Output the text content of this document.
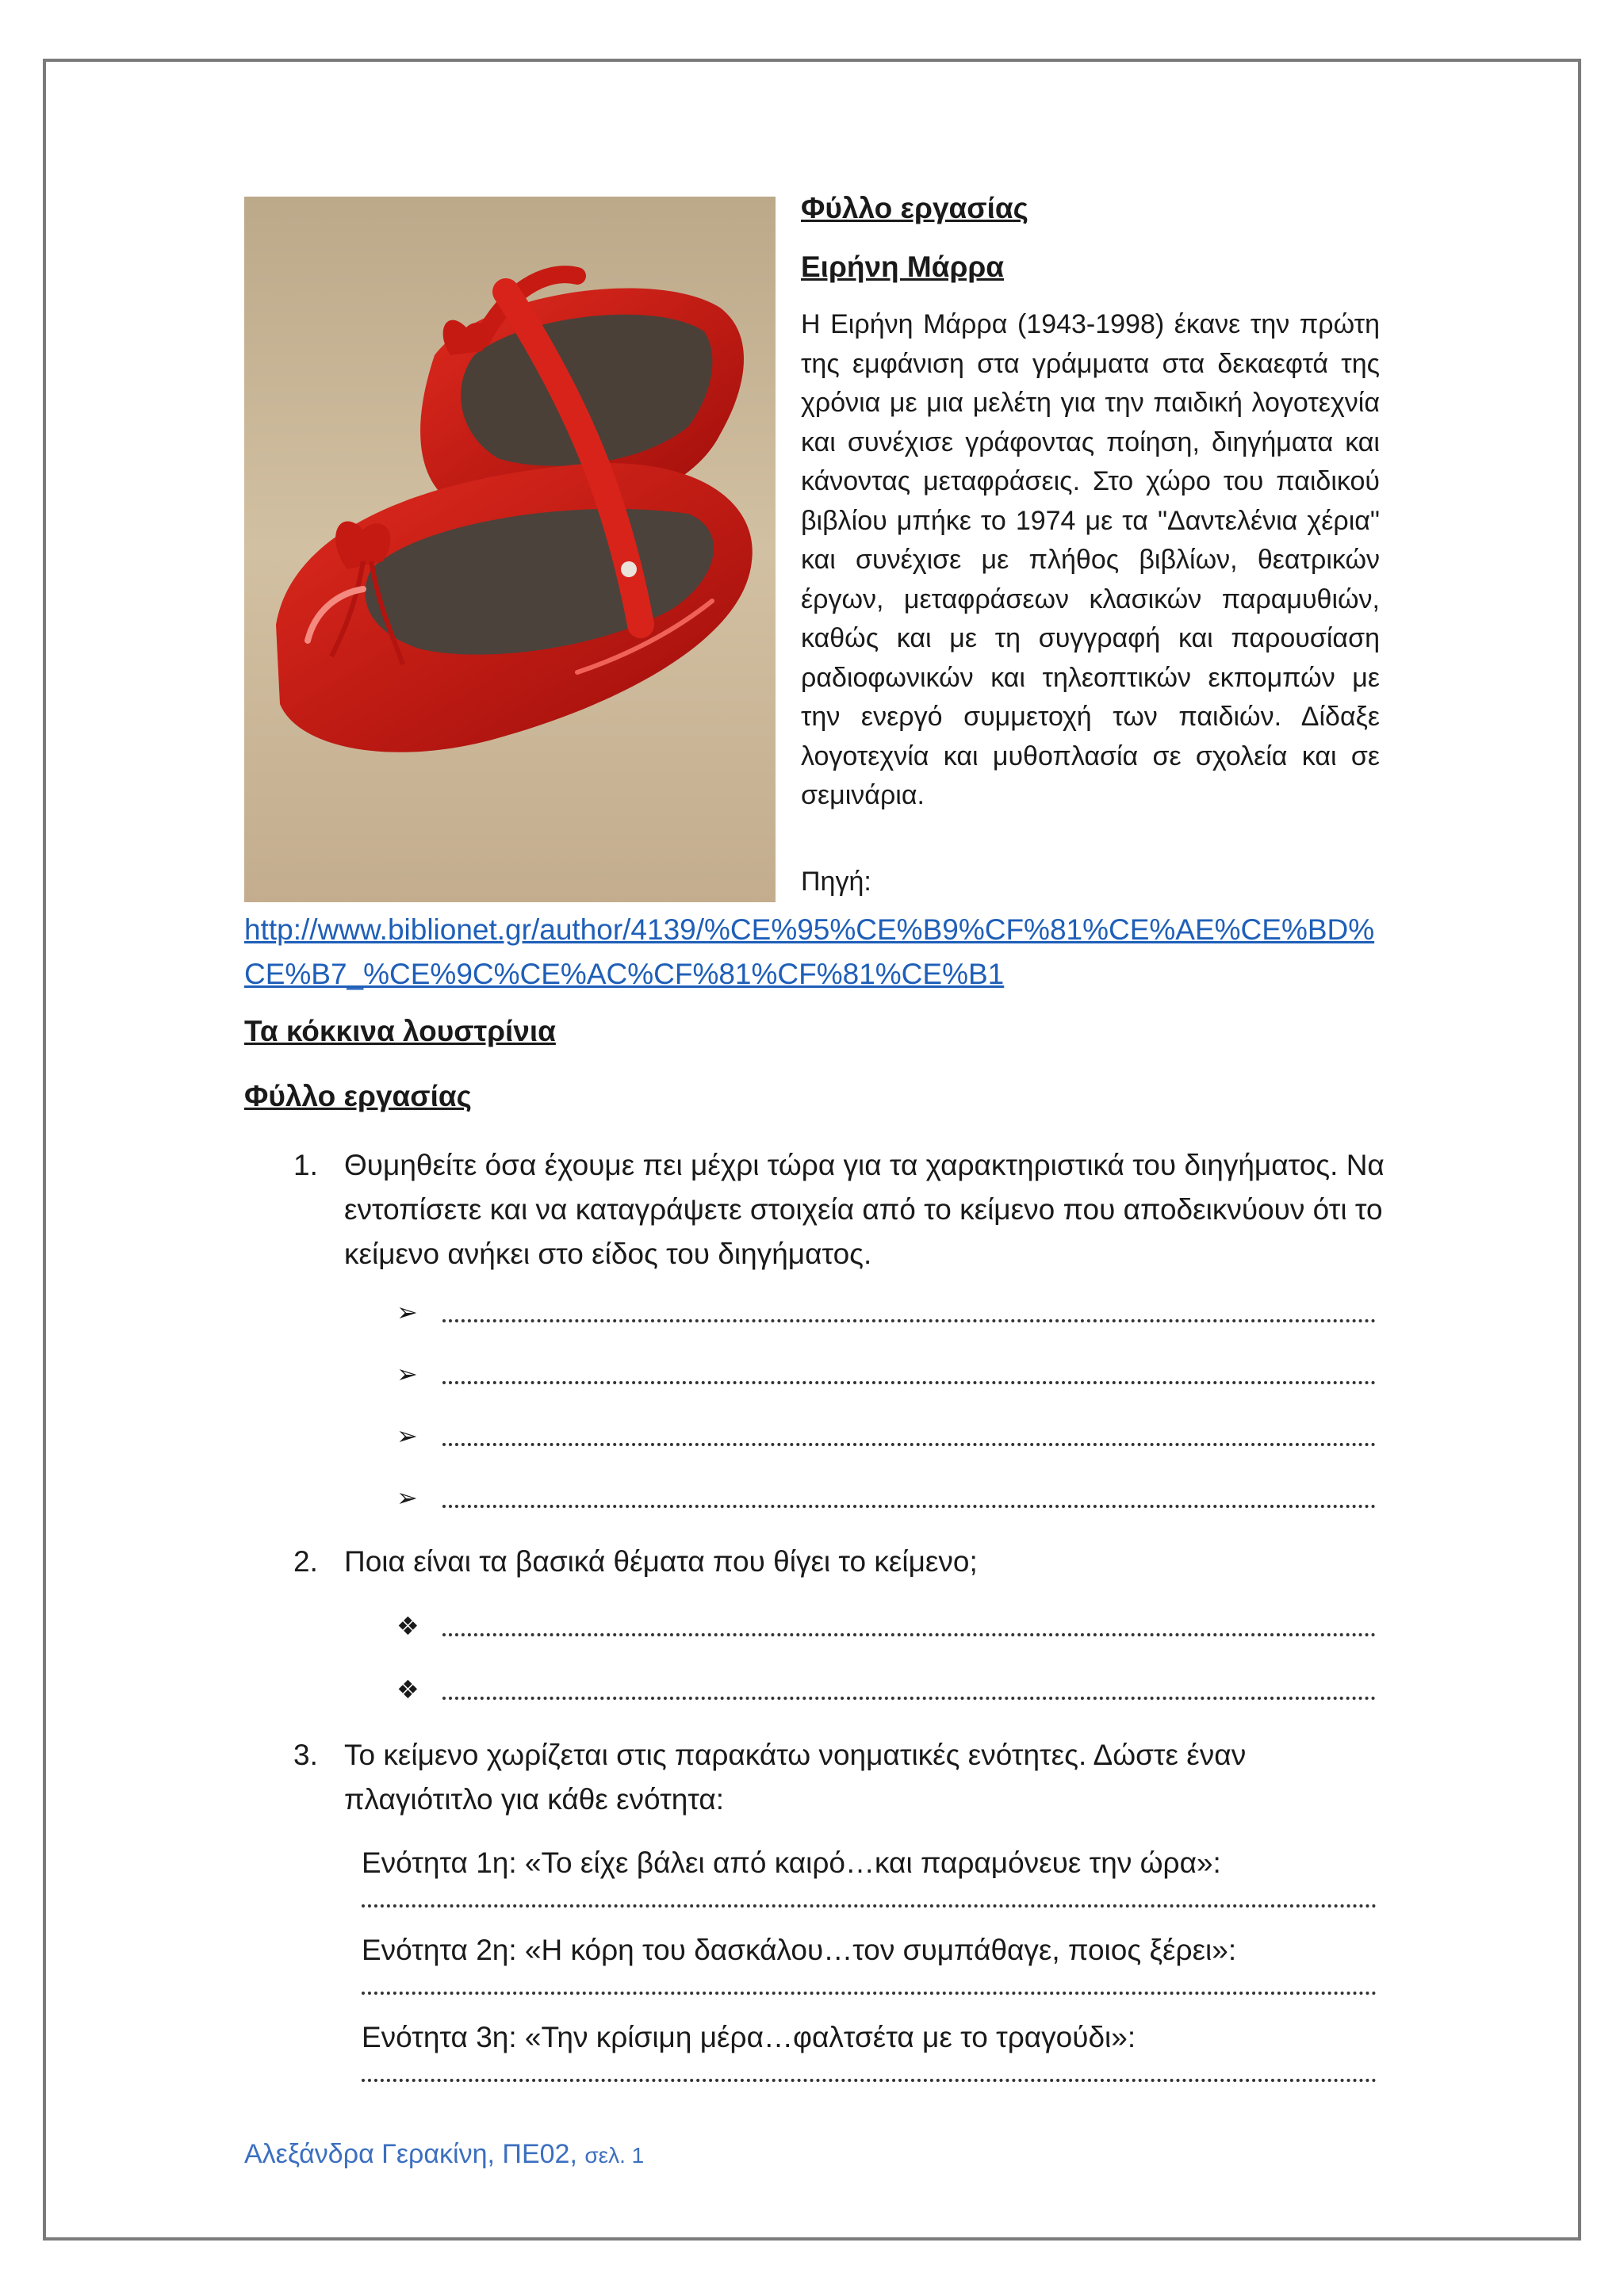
Φύλλο εργασίας

Ειρήνη Μάρρα

Η Ειρήνη Μάρρα (1943-1998) έκανε την πρώτη της εμφάνιση στα γράμματα στα δεκαεφτά της χρόνια με μια μελέτη για την παιδική λογοτεχνία και συνέχισε γράφοντας ποίηση, διηγήματα και κάνοντας μεταφράσεις. Στο χώρο του παιδικού βιβλίου μπήκε το 1974 με τα "Δαντελένια χέρια" και συνέχισε με πλήθος βιβλίων, θεατρικών έργων, μεταφράσεων κλασικών παραμυθιών, καθώς και με τη συγγραφή και παρουσίαση ραδιοφωνικών και τηλεοπτικών εκπομπών με την ενεργό συμμετοχή των παιδιών. Δίδαξε λογοτεχνία και μυθοπλασία σε σχολεία και σε σεμινάρια.

Πηγή:
http://www.biblionet.gr/author/4139/%CE%95%CE%B9%CF%81%CE%AE%CE%BD%CE%B7_%CE%9C%CE%AC%CF%81%CF%81%CE%B1
Τα κόκκινα λουστρίνια
Φύλλο εργασίας
1. Θυμηθείτε όσα έχουμε πει μέχρι τώρα για τα χαρακτηριστικά του διηγήματος. Να εντοπίσετε και να καταγράψετε στοιχεία από το κείμενο που αποδεικνύουν ότι το κείμενο ανήκει στο είδος του διηγήματος.
➢
➢
➢
➢
2. Ποια είναι τα βασικά θέματα που θίγει το κείμενο;
❖
❖
3. Το κείμενο χωρίζεται στις παρακάτω νοηματικές ενότητες. Δώστε έναν πλαγιότιτλο για κάθε ενότητα:
Ενότητα 1η: «Το είχε βάλει από καιρό…και παραμόνευε την ώρα»:
Ενότητα 2η: «Η κόρη του δασκάλου…τον συμπάθαγε, ποιος ξέρει»:
Ενότητα 3η: «Την κρίσιμη μέρα…φαλτσέτα με το τραγούδι»:
Αλεξάνδρα Γερακίνη, ΠΕ02, σελ. 1
